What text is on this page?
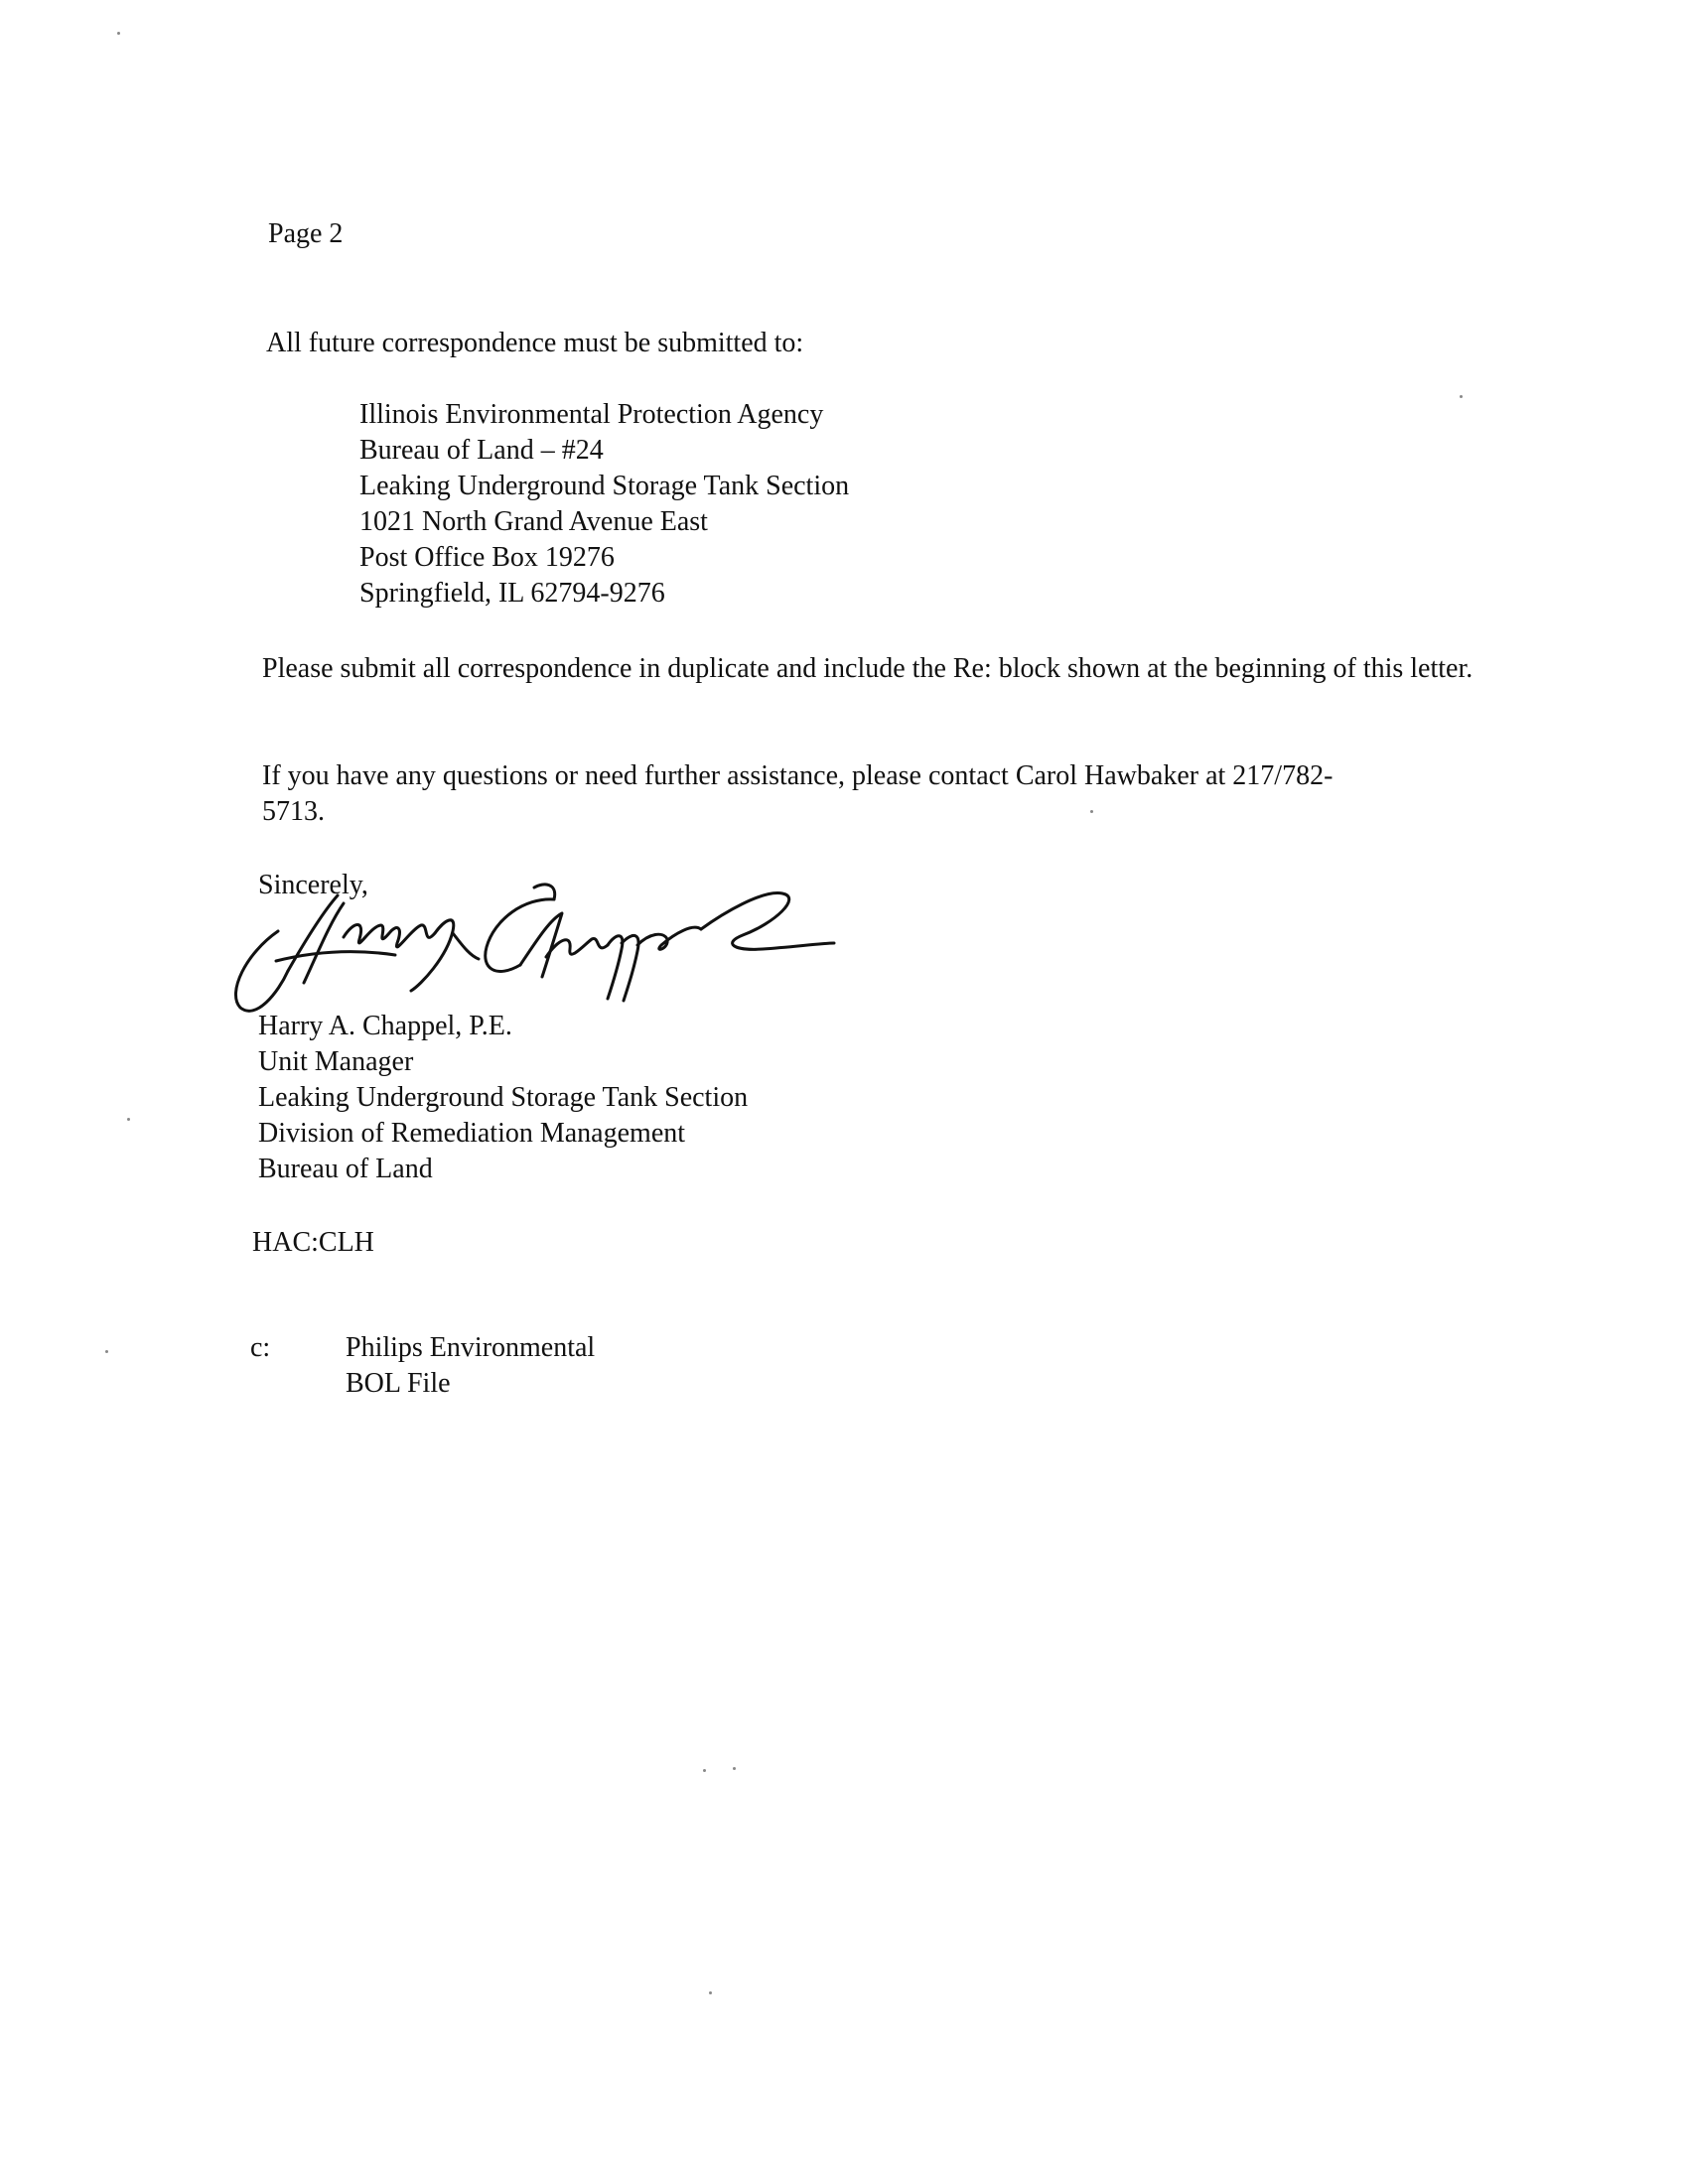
Page 2
All future correspondence must be submitted to:
Illinois Environmental Protection Agency
Bureau of Land – #24
Leaking Underground Storage Tank Section
1021 North Grand Avenue East
Post Office Box 19276
Springfield, IL 62794-9276
Please submit all correspondence in duplicate and include the Re: block shown at the beginning of this letter.
If you have any questions or need further assistance, please contact Carol Hawbaker at 217/782-
5713.
Sincerely,
Harry A. Chappel, P.E.
Unit Manager
Leaking Underground Storage Tank Section
Division of Remediation Management
Bureau of Land
HAC:CLH
c:	Philips Environmental
BOL File
